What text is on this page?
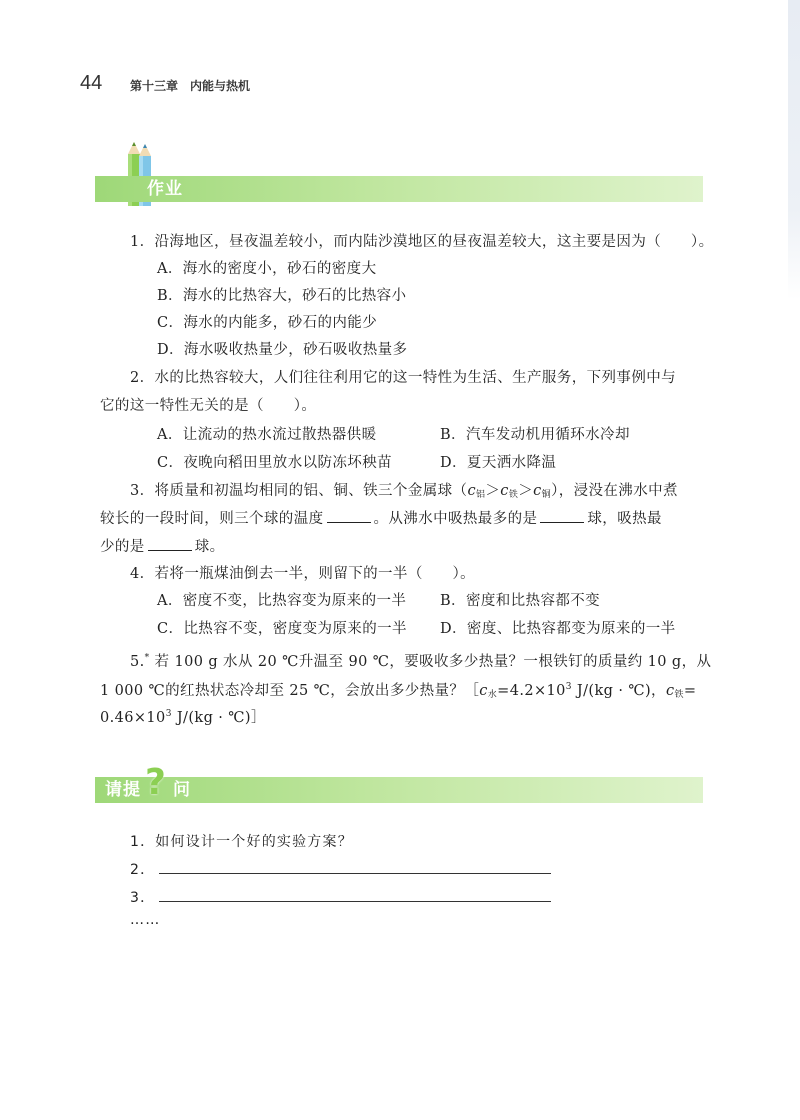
44 第十三章 内能与热机
作业
1．沿海地区，昼夜温差较小，而内陆沙漠地区的昼夜温差较大，这主要是因为（　　）。
A．海水的密度小，砂石的密度大
B．海水的比热容大，砂石的比热容小
C．海水的内能多，砂石的内能少
D．海水吸收热量少，砂石吸收热量多
2．水的比热容较大，人们往往利用它的这一特性为生活、生产服务，下列事例中与
它的这一特性无关的是（　　）。
A．让流动的热水流过散热器供暖	B．汽车发动机用循环水冷却
C．夜晚向稻田里放水以防冻坏秧苗	D．夏天洒水降温
3．将质量和初温均相同的铝、铜、铁三个金属球$(c_铝>c_铁>c_铜)$，浸没在沸水中煮
较长的一段时间，则三个球的温度	。从沸水中吸热最多的是	球，吸热最
少的是	球。
4．若将一瓶煤油倒去一半，则留下的一半（　　）。
A．密度不变，比热容变为原来的一半 B．密度和比热容都不变
C．比热容不变，密度变为原来的一半 D．密度、比热容都变为原来的一半
5.* 若 100 g 水从 20 ℃升温至 90 ℃，要吸收多少热量？一根铁钉的质量约 10 g，从
1 000 ℃的红热状态冷却至 25 ℃，会放出多少热量？$[c_水=4.2\times 10^3$ J/(kg · ℃)，$c_铁=$
$0.46\times 10^3$ J/(kg · ℃)］
请提 ? 问
1．如何设计一个好的实验方案？
2．
3．
……
